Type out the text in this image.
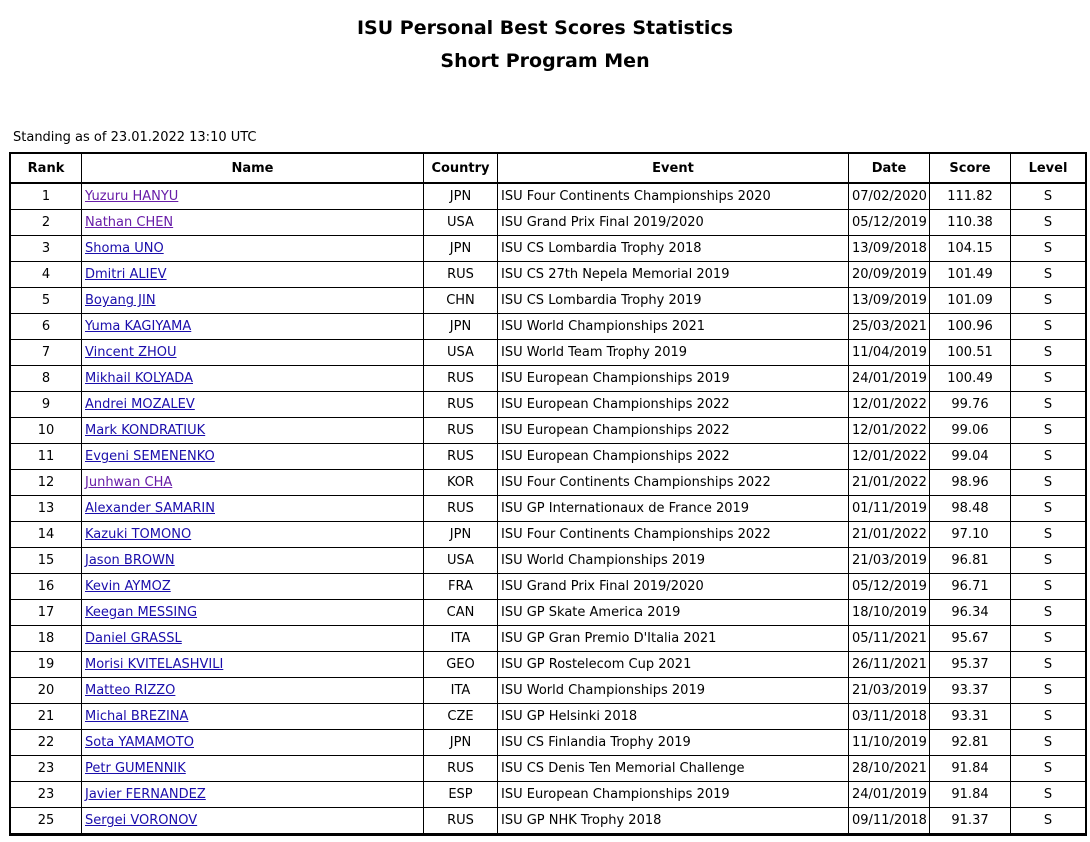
ISU Personal Best Scores Statistics
Short Program Men
Standing as of 23.01.2022 13:10 UTC
Rank	Name	Country	Event	Date	Score	Level
1	Yuzuru HANYU	JPN	ISU Four Continents Championships 2020	07/02/2020	111.82	S
2	Nathan CHEN	USA	ISU Grand Prix Final 2019/2020	05/12/2019	110.38	S
3	Shoma UNO	JPN	ISU CS Lombardia Trophy 2018	13/09/2018	104.15	S
4	Dmitri ALIEV	RUS	ISU CS 27th Nepela Memorial 2019	20/09/2019	101.49	S
5	Boyang JIN	CHN	ISU CS Lombardia Trophy 2019	13/09/2019	101.09	S
6	Yuma KAGIYAMA	JPN	ISU World Championships 2021	25/03/2021	100.96	S
7	Vincent ZHOU	USA	ISU World Team Trophy 2019	11/04/2019	100.51	S
8	Mikhail KOLYADA	RUS	ISU European Championships 2019	24/01/2019	100.49	S
9	Andrei MOZALEV	RUS	ISU European Championships 2022	12/01/2022	99.76	S
10	Mark KONDRATIUK	RUS	ISU European Championships 2022	12/01/2022	99.06	S
11	Evgeni SEMENENKO	RUS	ISU European Championships 2022	12/01/2022	99.04	S
12	Junhwan CHA	KOR	ISU Four Continents Championships 2022	21/01/2022	98.96	S
13	Alexander SAMARIN	RUS	ISU GP Internationaux de France 2019	01/11/2019	98.48	S
14	Kazuki TOMONO	JPN	ISU Four Continents Championships 2022	21/01/2022	97.10	S
15	Jason BROWN	USA	ISU World Championships 2019	21/03/2019	96.81	S
16	Kevin AYMOZ	FRA	ISU Grand Prix Final 2019/2020	05/12/2019	96.71	S
17	Keegan MESSING	CAN	ISU GP Skate America 2019	18/10/2019	96.34	S
18	Daniel GRASSL	ITA	ISU GP Gran Premio D'Italia 2021	05/11/2021	95.67	S
19	Morisi KVITELASHVILI	GEO	ISU GP Rostelecom Cup 2021	26/11/2021	95.37	S
20	Matteo RIZZO	ITA	ISU World Championships 2019	21/03/2019	93.37	S
21	Michal BREZINA	CZE	ISU GP Helsinki 2018	03/11/2018	93.31	S
22	Sota YAMAMOTO	JPN	ISU CS Finlandia Trophy 2019	11/10/2019	92.81	S
23	Petr GUMENNIK	RUS	ISU CS Denis Ten Memorial Challenge	28/10/2021	91.84	S
23	Javier FERNANDEZ	ESP	ISU European Championships 2019	24/01/2019	91.84	S
25	Sergei VORONOV	RUS	ISU GP NHK Trophy 2018	09/11/2018	91.37	S
